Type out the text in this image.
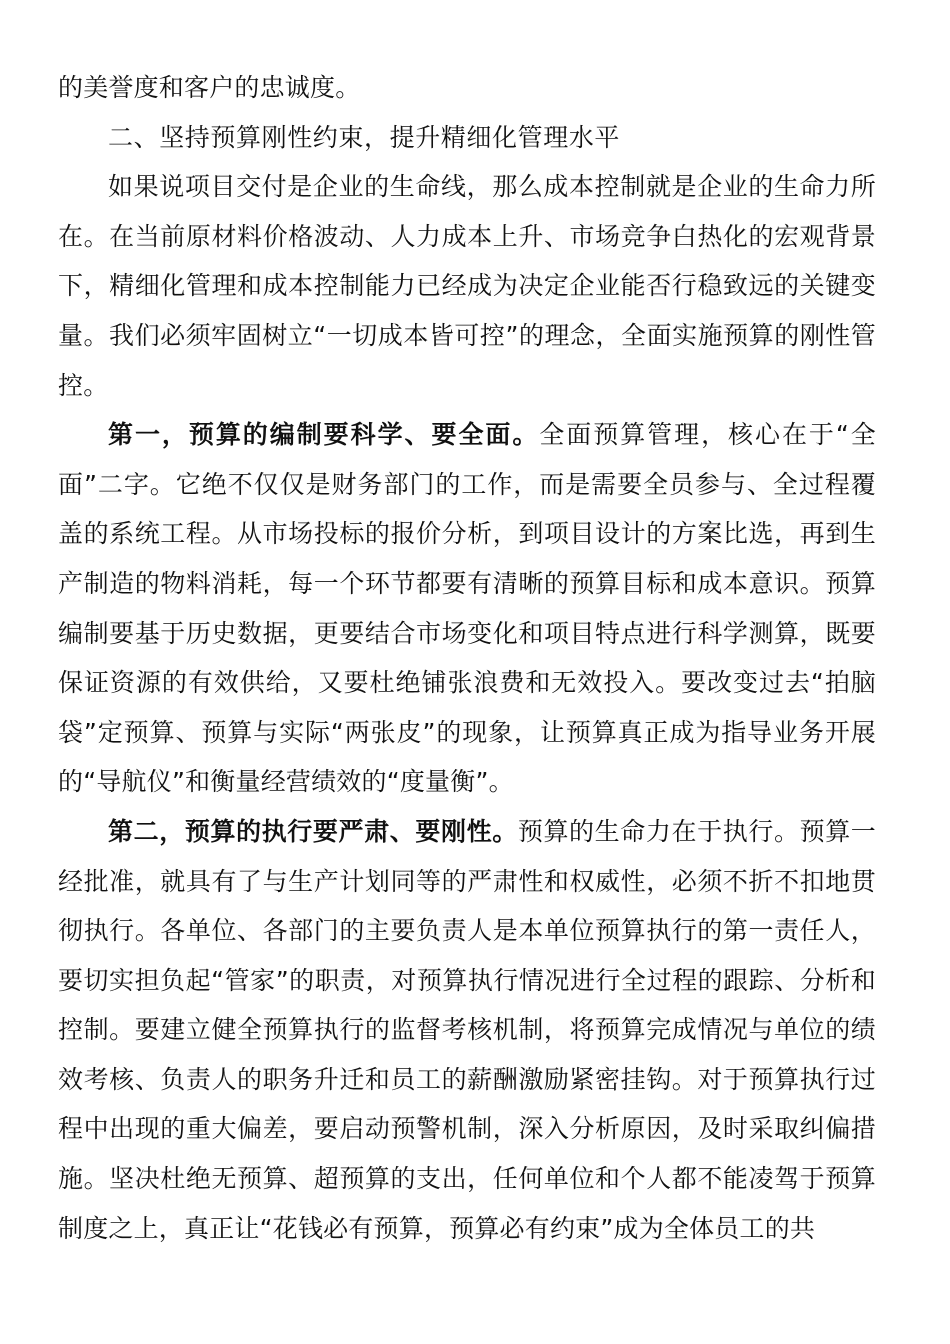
的美誉度和客户的忠诚度。

二、坚持预算刚性约束，提升精细化管理水平

如果说项目交付是企业的生命线，那么成本控制就是企业的生命力所在。在当前原材料价格波动、人力成本上升、市场竞争白热化的宏观背景下，精细化管理和成本控制能力已经成为决定企业能否行稳致远的关键变量。我们必须牢固树立“一切成本皆可控”的理念，全面实施预算的刚性管控。

第一，预算的编制要科学、要全面。全面预算管理，核心在于“全面”二字。它绝不仅仅是财务部门的工作，而是需要全员参与、全过程覆盖的系统工程。从市场投标的报价分析，到项目设计的方案比选，再到生产制造的物料消耗，每一个环节都要有清晰的预算目标和成本意识。预算编制要基于历史数据，更要结合市场变化和项目特点进行科学测算，既要保证资源的有效供给，又要杜绝铺张浪费和无效投入。要改变过去“拍脑袋”定预算、预算与实际“两张皮”的现象，让预算真正成为指导业务开展的“导航仪”和衡量经营绩效的“度量衡”。

第二，预算的执行要严肃、要刚性。预算的生命力在于执行。预算一经批准，就具有了与生产计划同等的严肃性和权威性，必须不折不扣地贯彻执行。各单位、各部门的主要负责人是本单位预算执行的第一责任人，要切实担负起“管家”的职责，对预算执行情况进行全过程的跟踪、分析和控制。要建立健全预算执行的监督考核机制，将预算完成情况与单位的绩效考核、负责人的职务升迁和员工的薪酬激励紧密挂钩。对于预算执行过程中出现的重大偏差，要启动预警机制，深入分析原因，及时采取纠偏措施。坚决杜绝无预算、超预算的支出，任何单位和个人都不能凌驾于预算制度之上，真正让“花钱必有预算，预算必有约束”成为全体员工的共
